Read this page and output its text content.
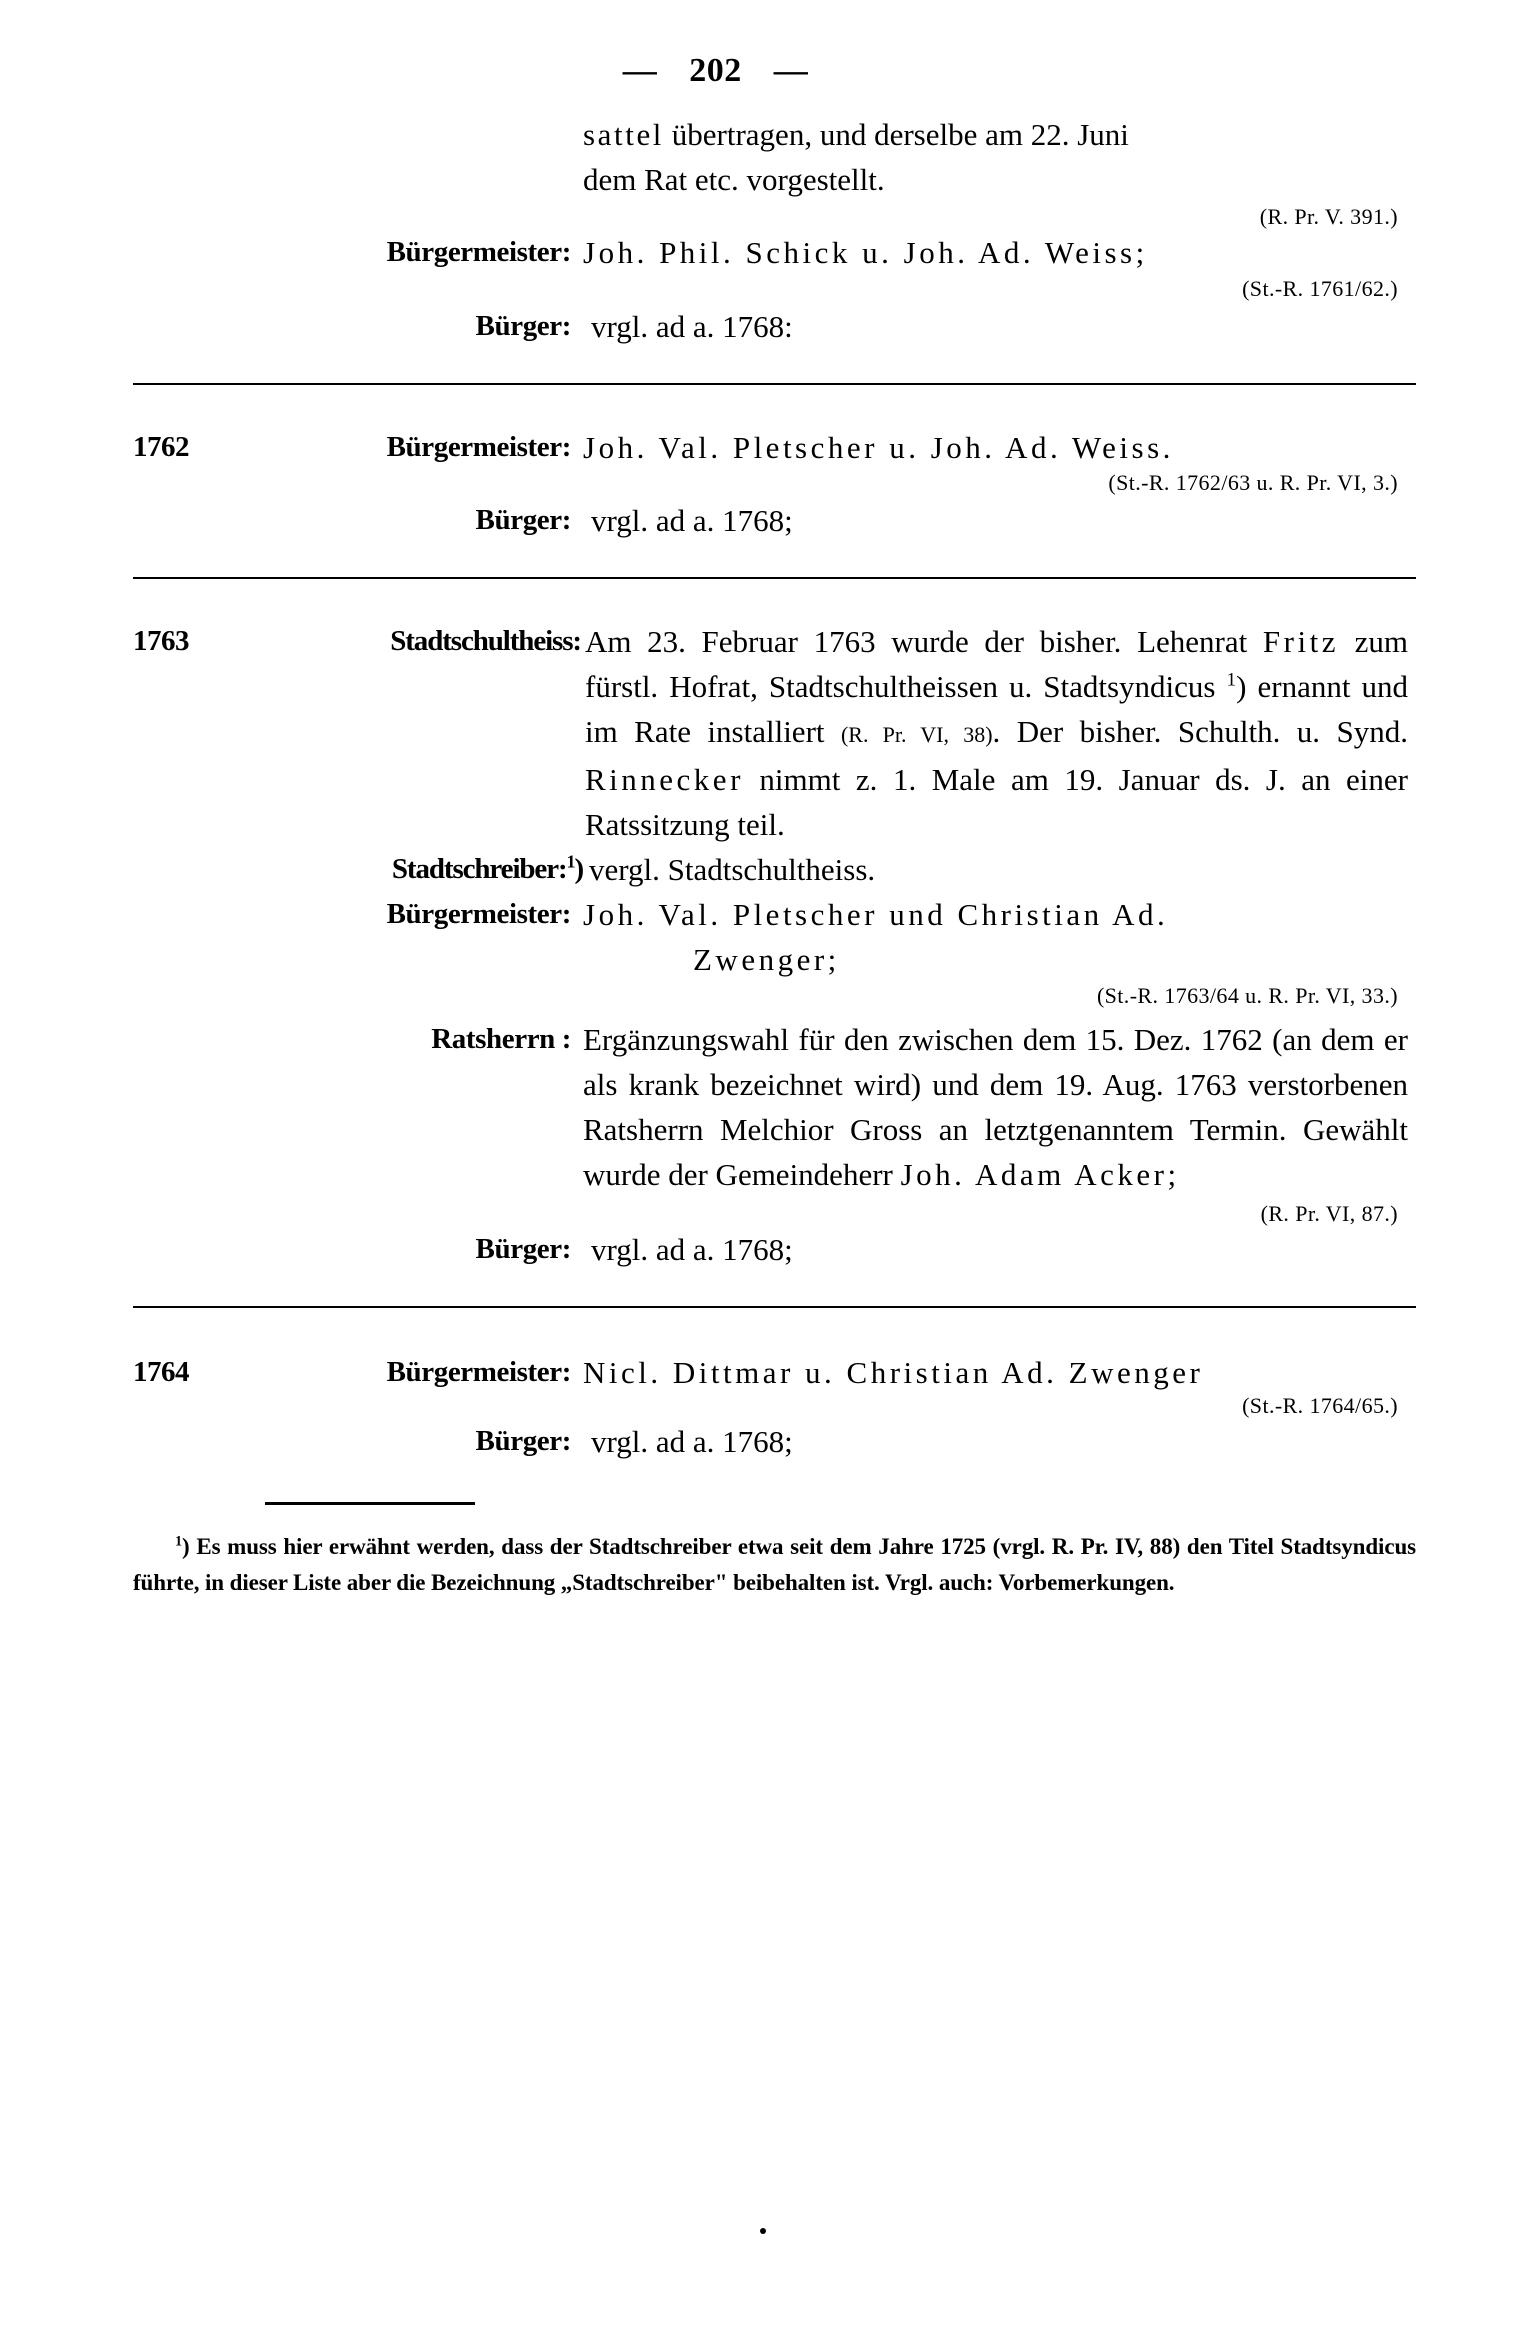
— 202 —
sattel übertragen, und derselbe am 22. Juni
dem Rat etc. vorgestellt.
(R. Pr. V. 391.)
Bürgermeister: Joh. Phil. Schick u. Joh. Ad. Weiss;
(St.-R. 1761/62.)
Bürger: vrgl. ad a. 1768:
1762	Bürgermeister: Joh. Val. Pletscher u. Joh. Ad. Weiss.
(St.-R. 1762/63 u. R. Pr. VI, 3.)
Bürger: vrgl. ad a. 1768;
1763	Stadtschultheiss: Am 23. Februar 1763 wurde der bisher. Lehenrat Fritz zum fürstl. Hofrat, Stadtschultheissen u. Stadtsyndicus $^1$) ernannt und im Rate installiert (R. Pr. VI, 38). Der bisher. Schulth. u. Synd. Rinnecker nimmt z. 1. Male am 19. Januar ds. J. an einer Ratssitzung teil.
Stadtschreiber:$^1$) vergl. Stadtschultheiss.
Bürgermeister: Joh. Val. Pletscher und Christian Ad.
Zwenger;
(St.-R. 1763/64 u. R. Pr. VI, 33.)
Ratsherrn : Ergänzungswahl für den zwischen dem 15. Dez. 1762 (an dem er als krank bezeichnet wird) und dem 19. Aug. 1763 verstorbenen Ratsherrn Melchior Gross an letztgenanntem Termin. Gewählt wurde der Gemeindeherr Joh. Adam Acker;
(R. Pr. VI, 87.)
Bürger: vrgl. ad a. 1768;
1764	Bürgermeister: Nicl. Dittmar u. Christian Ad. Zwenger
(St.-R. 1764/65.)
Bürger: vrgl. ad a. 1768;
$^1$) Es muss hier erwähnt werden, dass der Stadtschreiber etwa seit dem Jahre 1725 (vrgl. R. Pr. IV, 88) den Titel Stadtsyndicus führte, in dieser Liste aber die Bezeichnung „Stadtschreiber" beibehalten ist. Vrgl. auch: Vorbemerkungen.
